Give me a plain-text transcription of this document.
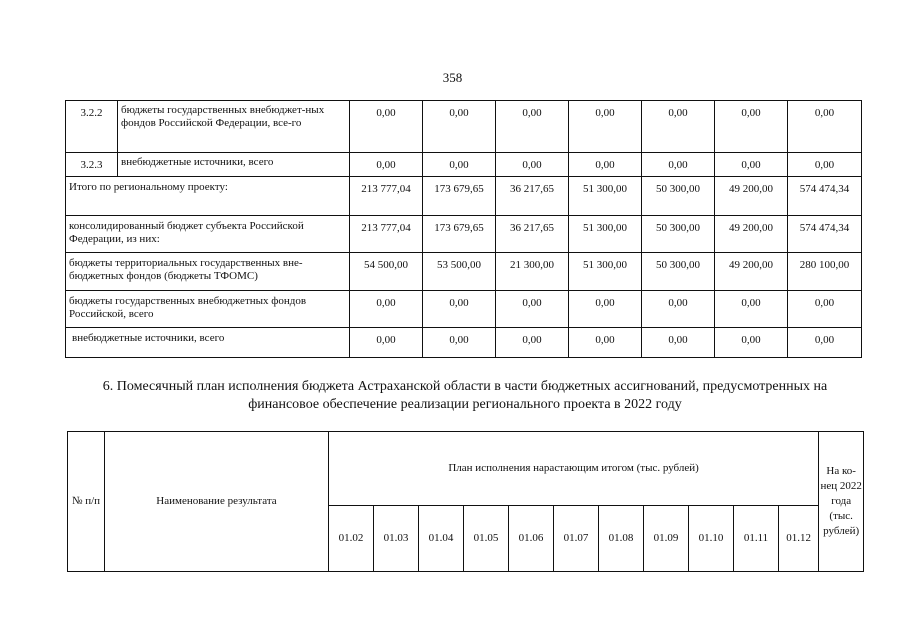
358
3.2.2	бюджеты государственных внебюджет-ных фондов Российской Федерации, все-го	0,00	0,00	0,00	0,00	0,00	0,00	0,00
3.2.3	внебюджетные источники, всего	0,00	0,00	0,00	0,00	0,00	0,00	0,00
Итого по региональному проекту:		213 777,04	173 679,65	36 217,65	51 300,00	50 300,00	49 200,00	574 474,34
консолидированный бюджет субъекта Российской Федерации, из них:		213 777,04	173 679,65	36 217,65	51 300,00	50 300,00	49 200,00	574 474,34
бюджеты территориальных государственных вне-бюджетных фондов (бюджеты ТФОМС)		54 500,00	53 500,00	21 300,00	51 300,00	50 300,00	49 200,00	280 100,00
бюджеты государственных внебюджетных фондов Российской, всего		0,00	0,00	0,00	0,00	0,00	0,00	0,00
внебюджетные источники, всего		0,00	0,00	0,00	0,00	0,00	0,00	0,00
6. Помесячный план исполнения бюджета Астраханской области в части бюджетных ассигнований, предусмотренных на финансовое обеспечение реализации регионального проекта в 2022 году
№ п/п	Наименование результата	План исполнения нарастающим итогом (тыс. рублей)											На ко-нец 2022 года (тыс. рублей)
		01.02	01.03	01.04	01.05	01.06	01.07	01.08	01.09	01.10	01.11	01.12	
